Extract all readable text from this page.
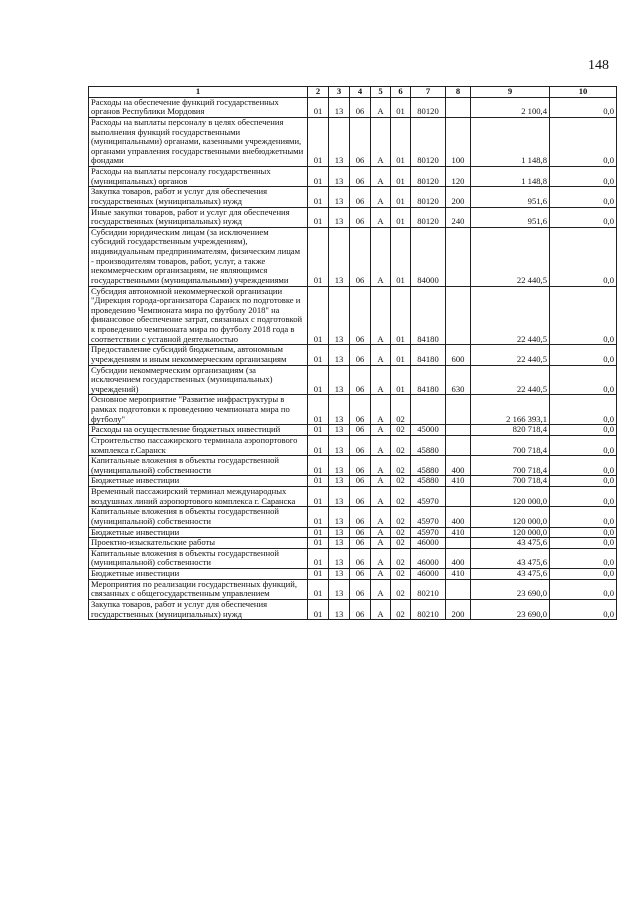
148
1	2	3	4	5	6	7	8	9	10
Расходы на обеспечение функций государственных органов Республики Мордовия	01	13	06	А	01	80120		2 100,4	0,0
Расходы на выплаты персоналу в целях обеспечения выполнения функций государственными (муниципальными) органами, казенными учреждениями, органами управления государственными внебюджетными фондами	01	13	06	А	01	80120	100	1 148,8	0,0
Расходы на выплаты персоналу государственных (муниципальных) органов	01	13	06	А	01	80120	120	1 148,8	0,0
Закупка товаров, работ и услуг для обеспечения государственных (муниципальных) нужд	01	13	06	А	01	80120	200	951,6	0,0
Иные закупки товаров, работ и услуг для обеспечения государственных (муниципальных) нужд	01	13	06	А	01	80120	240	951,6	0,0
Субсидии юридическим лицам (за исключением субсидий государственным учреждениям), индивидуальным предпринимателям, физическим лицам - производителям товаров, работ, услуг, а также некоммерческим организациям, не являющимся государственными (муниципальными) учреждениями	01	13	06	А	01	84000		22 440,5	0,0
Субсидия автономной некоммерческой организации "Дирекция города-организатора Саранск по подготовке и проведению Чемпионата мира по футболу 2018" на финансовое обеспечение затрат, связанных с подготовкой к проведению чемпионата мира по футболу 2018 года в соответствии с уставной деятельностью	01	13	06	А	01	84180		22 440,5	0,0
Предоставление субсидий бюджетным, автономным учреждениям и иным некоммерческим организациям	01	13	06	А	01	84180	600	22 440,5	0,0
Субсидии некоммерческим организациям (за исключением государственных (муниципальных) учреждений)	01	13	06	А	01	84180	630	22 440,5	0,0
Основное мероприятие "Развитие инфраструктуры в рамках подготовки к проведению чемпионата мира по футболу"	01	13	06	А	02			2 166 393,1	0,0
Расходы на осуществление бюджетных инвестиций	01	13	06	А	02	45000		820 718,4	0,0
Строительство пассажирского терминала аэропортового комплекса г.Саранск	01	13	06	А	02	45880		700 718,4	0,0
Капитальные вложения в объекты государственной (муниципальной) собственности	01	13	06	А	02	45880	400	700 718,4	0,0
Бюджетные инвестиции	01	13	06	А	02	45880	410	700 718,4	0,0
Временный пассажирский терминал международных воздушных линий аэропортового комплекса г. Саранска	01	13	06	А	02	45970		120 000,0	0,0
Капитальные вложения в объекты государственной (муниципальной) собственности	01	13	06	А	02	45970	400	120 000,0	0,0
Бюджетные инвестиции	01	13	06	А	02	45970	410	120 000,0	0,0
Проектно-изыскательские работы	01	13	06	А	02	46000		43 475,6	0,0
Капитальные вложения в объекты государственной (муниципальной) собственности	01	13	06	А	02	46000	400	43 475,6	0,0
Бюджетные инвестиции	01	13	06	А	02	46000	410	43 475,6	0,0
Мероприятия по реализации государственных функций, связанных с общегосударственным управлением	01	13	06	А	02	80210		23 690,0	0,0
Закупка товаров, работ и услуг для обеспечения государственных (муниципальных) нужд	01	13	06	А	02	80210	200	23 690,0	0,0
